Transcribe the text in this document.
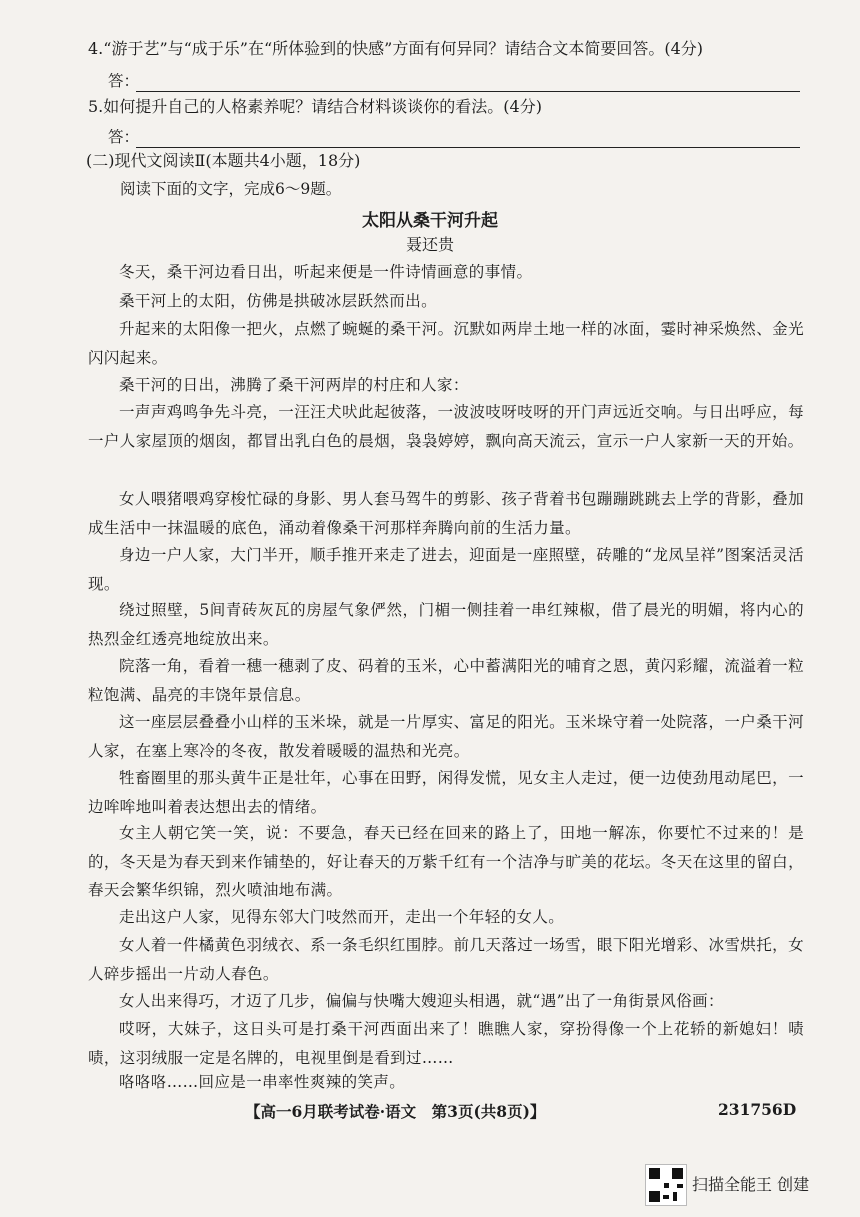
4.“游于艺”与“成于乐”在“所体验到的快感”方面有何异同？请结合文本简要回答。(4分)
答：
5.如何提升自己的人格素养呢？请结合材料谈谈你的看法。(4分)
答：
(二)现代文阅读Ⅱ(本题共4小题，18分)
阅读下面的文字，完成6～9题。
太阳从桑干河升起
聂还贵
冬天，桑干河边看日出，听起来便是一件诗情画意的事情。
桑干河上的太阳，仿佛是拱破冰层跃然而出。
升起来的太阳像一把火，点燃了蜿蜒的桑干河。沉默如两岸土地一样的冰面，霎时神采焕然、金光闪闪起来。
桑干河的日出，沸腾了桑干河两岸的村庄和人家：
一声声鸡鸣争先斗亮，一汪汪犬吠此起彼落，一波波吱呀吱呀的开门声远近交响。与日出呼应，每一户人家屋顶的烟囱，都冒出乳白色的晨烟，袅袅婷婷，飘向高天流云，宣示一户人家新一天的开始。
女人喂猪喂鸡穿梭忙碌的身影、男人套马驾牛的剪影、孩子背着书包蹦蹦跳跳去上学的背影，叠加成生活中一抹温暖的底色，涌动着像桑干河那样奔腾向前的生活力量。
身边一户人家，大门半开，顺手推开来走了进去，迎面是一座照壁，砖雕的“龙凤呈祥”图案活灵活现。
绕过照壁，5间青砖灰瓦的房屋气象俨然，门楣一侧挂着一串红辣椒，借了晨光的明媚，将内心的热烈金红透亮地绽放出来。
院落一角，看着一穗一穗剥了皮、码着的玉米，心中蓄满阳光的哺育之恩，黄闪彩耀，流溢着一粒粒饱满、晶亮的丰饶年景信息。
这一座层层叠叠小山样的玉米垛，就是一片厚实、富足的阳光。玉米垛守着一处院落，一户桑干河人家，在塞上寒冷的冬夜，散发着暖暖的温热和光亮。
牲畜圈里的那头黄牛正是壮年，心事在田野，闲得发慌，见女主人走过，便一边使劲甩动尾巴，一边哞哞地叫着表达想出去的情绪。
女主人朝它笑一笑，说：不要急，春天已经在回来的路上了，田地一解冻，你要忙不过来的！是的，冬天是为春天到来作铺垫的，好让春天的万紫千红有一个洁净与旷美的花坛。冬天在这里的留白，春天会繁华织锦，烈火喷油地布满。
走出这户人家，见得东邻大门吱然而开，走出一个年轻的女人。
女人着一件橘黄色羽绒衣、系一条毛织红围脖。前几天落过一场雪，眼下阳光增彩、冰雪烘托，女人碎步摇出一片动人春色。
女人出来得巧，才迈了几步，偏偏与快嘴大嫂迎头相遇，就“遇”出了一角街景风俗画：
哎呀，大妹子，这日头可是打桑干河西面出来了！瞧瞧人家，穿扮得像一个上花轿的新媳妇！啧啧，这羽绒服一定是名牌的，电视里倒是看到过……
咯咯咯……回应是一串率性爽辣的笑声。
【高一6月联考试卷·语文　第3页(共8页)】	231756D
扫描全能王 创建
